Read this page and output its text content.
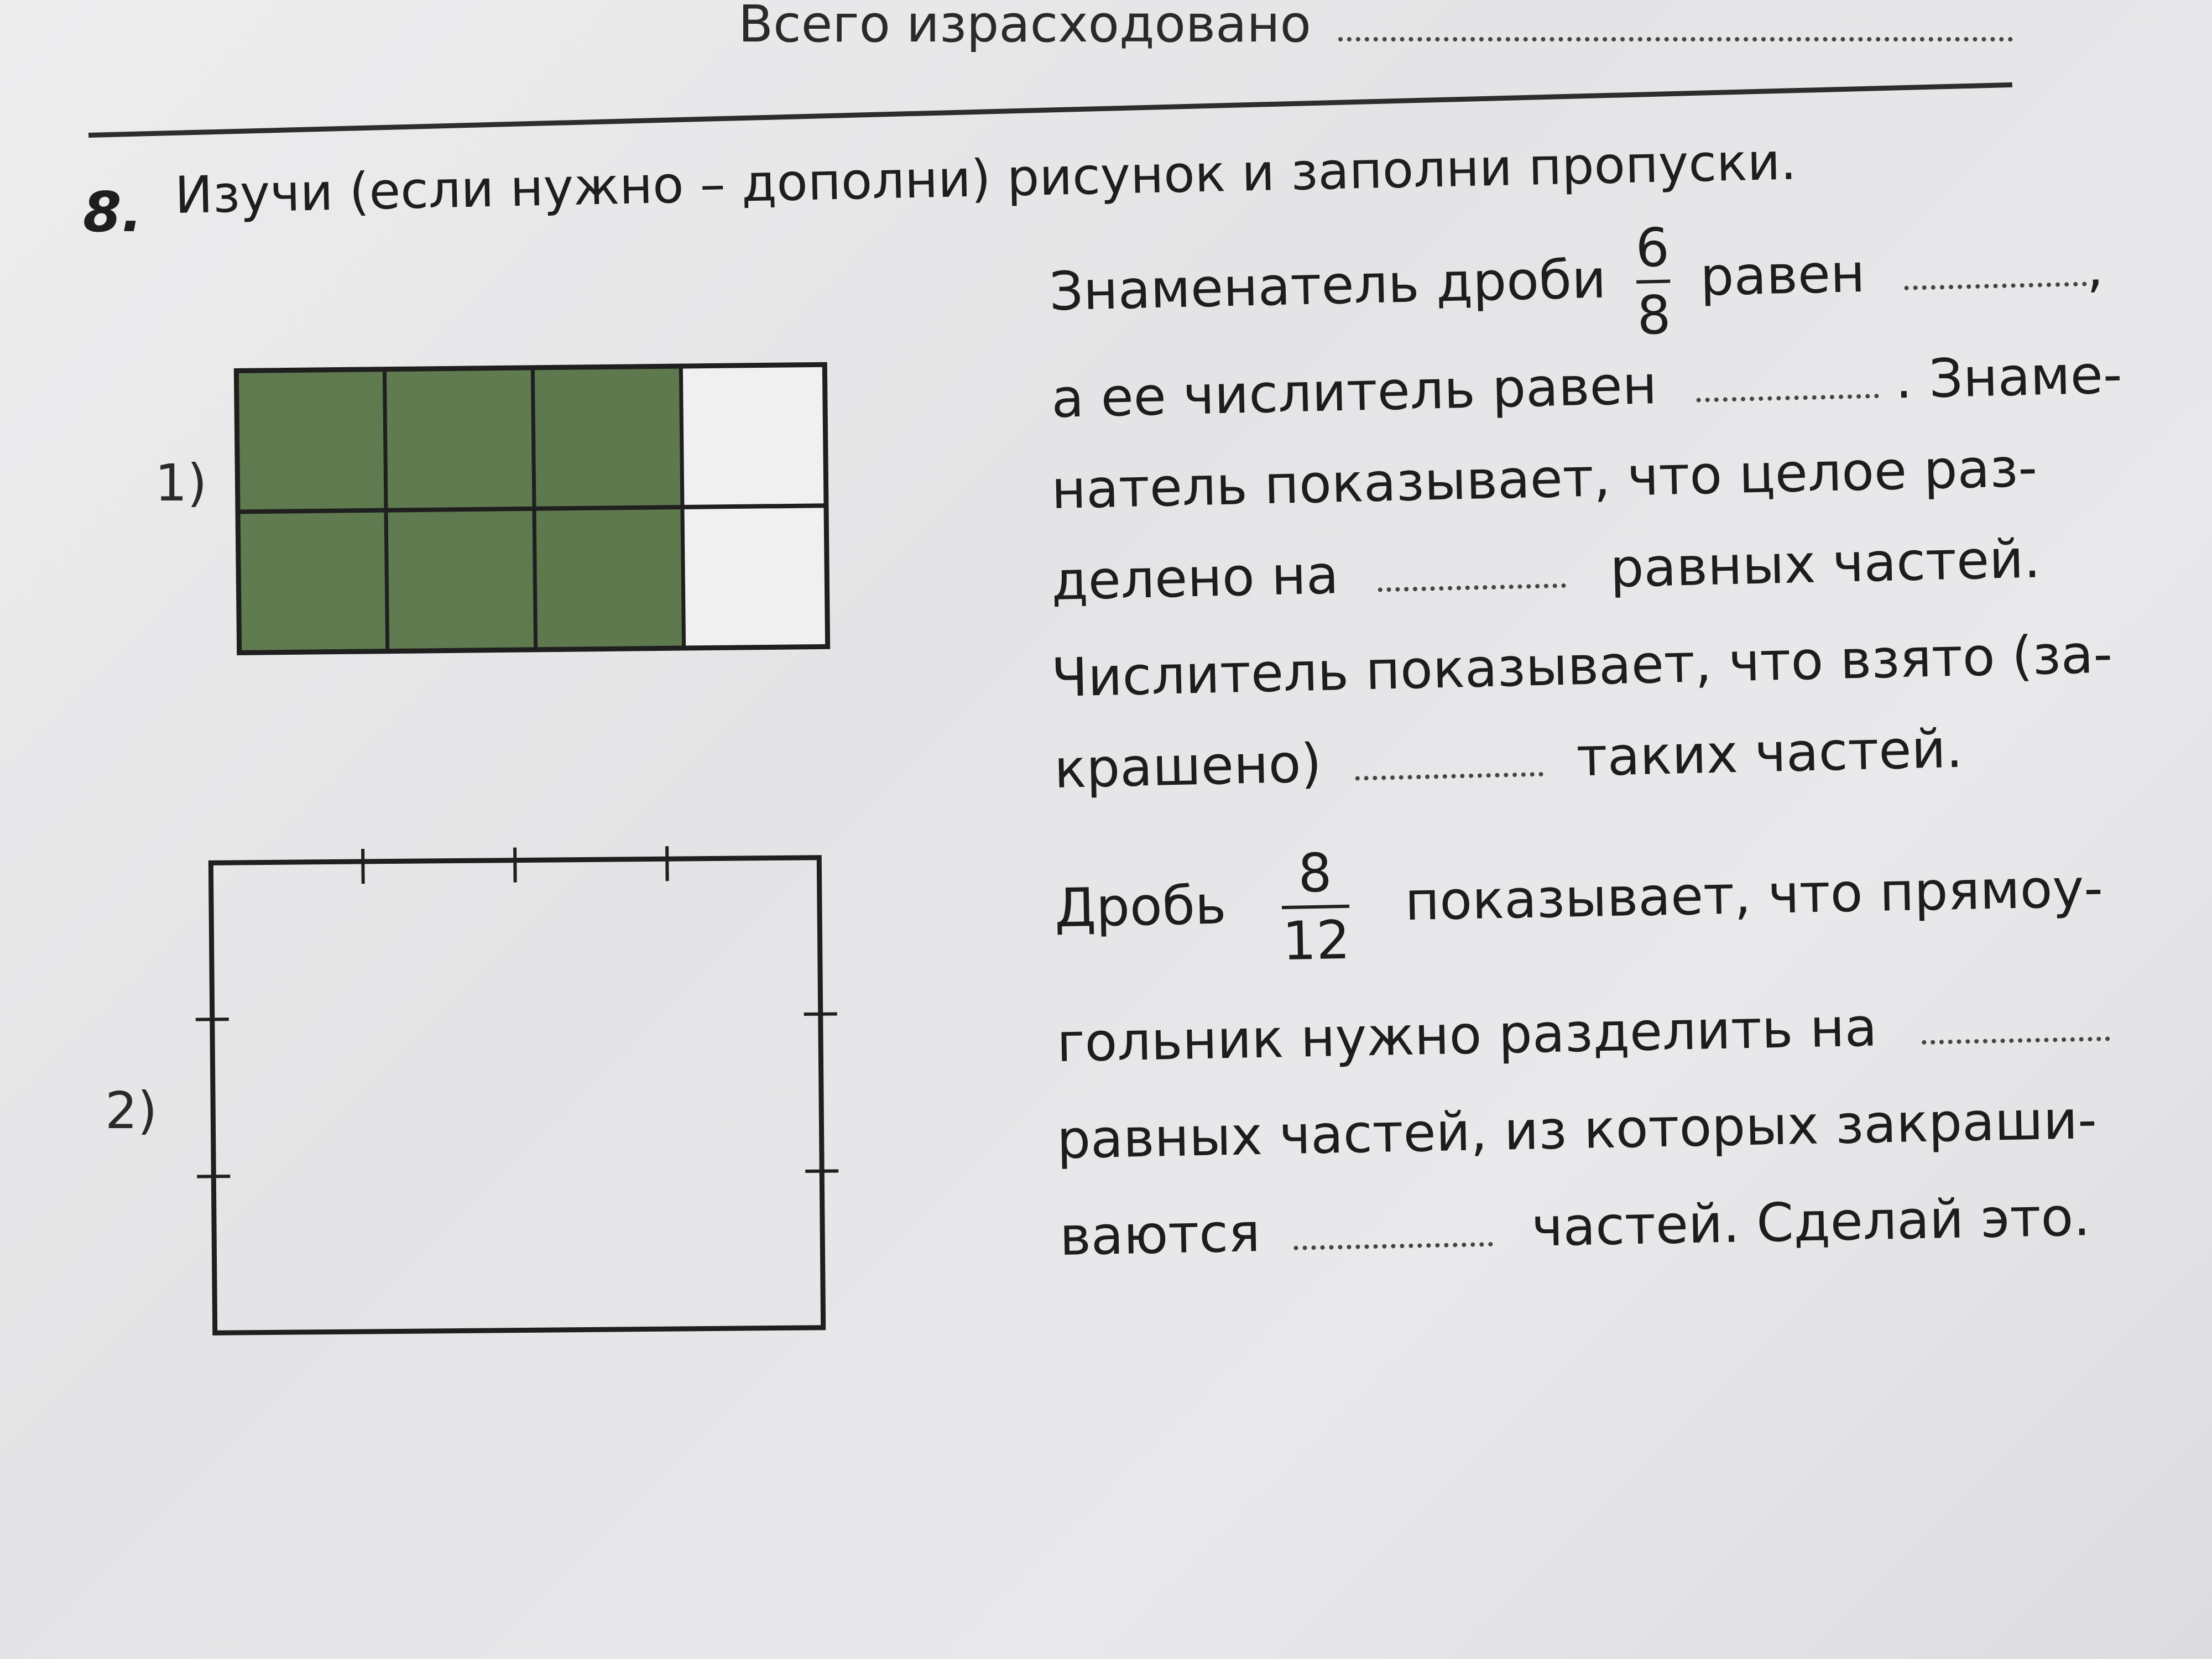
Всего израсходовано
8. Изучи (если нужно – дополни) рисунок и заполни пропуски.
1)
2)
Знаменатель дроби
6
8
равен	,
а ее числитель равен	. Знаме-
натель показывает, что целое раз-
делено на	равных частей.
Числитель показывает, что взято (за-
крашено)	таких частей.
Дробь
8
12
показывает, что прямоу-
гольник нужно разделить на
равных частей, из которых закраши-
ваются	частей. Сделай это.
